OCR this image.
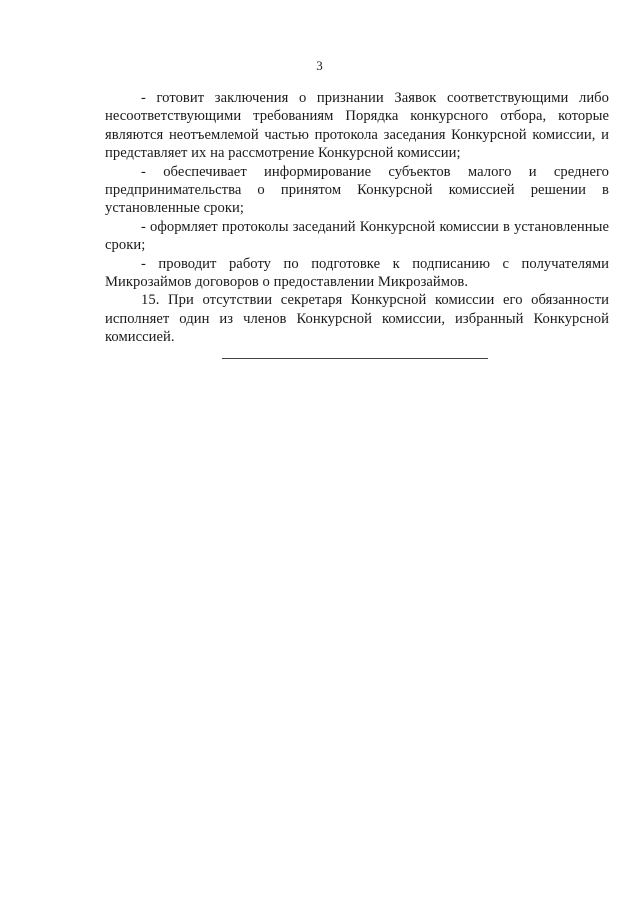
3

- готовит заключения о признании Заявок соответствующими либо несоответствующими требованиям Порядка конкурсного отбора, которые являются неотъемлемой частью протокола заседания Конкурсной комиссии, и представляет их на рассмотрение Конкурсной комиссии;

- обеспечивает информирование субъектов малого и среднего предпринимательства о принятом Конкурсной комиссией решении в установленные сроки;

- оформляет протоколы заседаний Конкурсной комиссии в установленные сроки;

- проводит работу по подготовке к подписанию с получателями Микрозаймов договоров о предоставлении Микрозаймов.

15. При отсутствии секретаря Конкурсной комиссии его обязанности исполняет один из членов Конкурсной комиссии, избранный Конкурсной комиссией.
